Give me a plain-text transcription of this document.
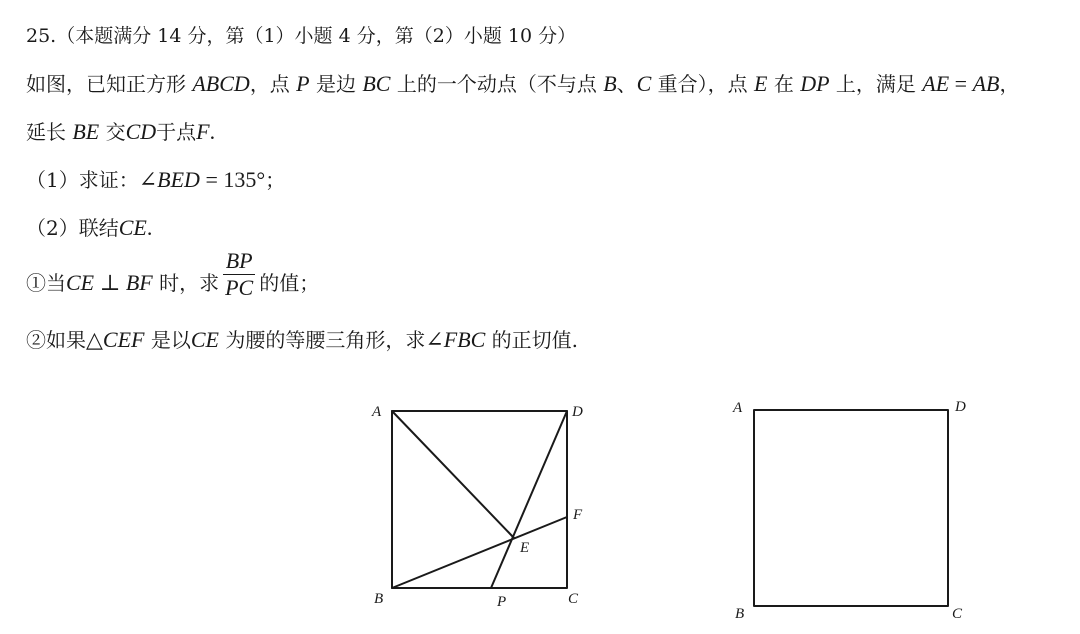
25.（本题满分 14 分，第（1）小题 4 分，第（2）小题 10 分）
如图，已知正方形 ABCD，点 P 是边 BC 上的一个动点（不与点 B、C 重合），点 E 在 DP 上，满足 AE = AB，
延长 BE 交CD于点F.
（1）求证：∠BED = 135°；
（2）联结CE.
①当CE ⊥ BF 时，求 $\frac{BP}{PC}$ 的值；
②如果△CEF 是以CE 为腰的等腰三角形，求∠FBC 的正切值.
A	D
F
E
B	P	C
A	D
B	C
